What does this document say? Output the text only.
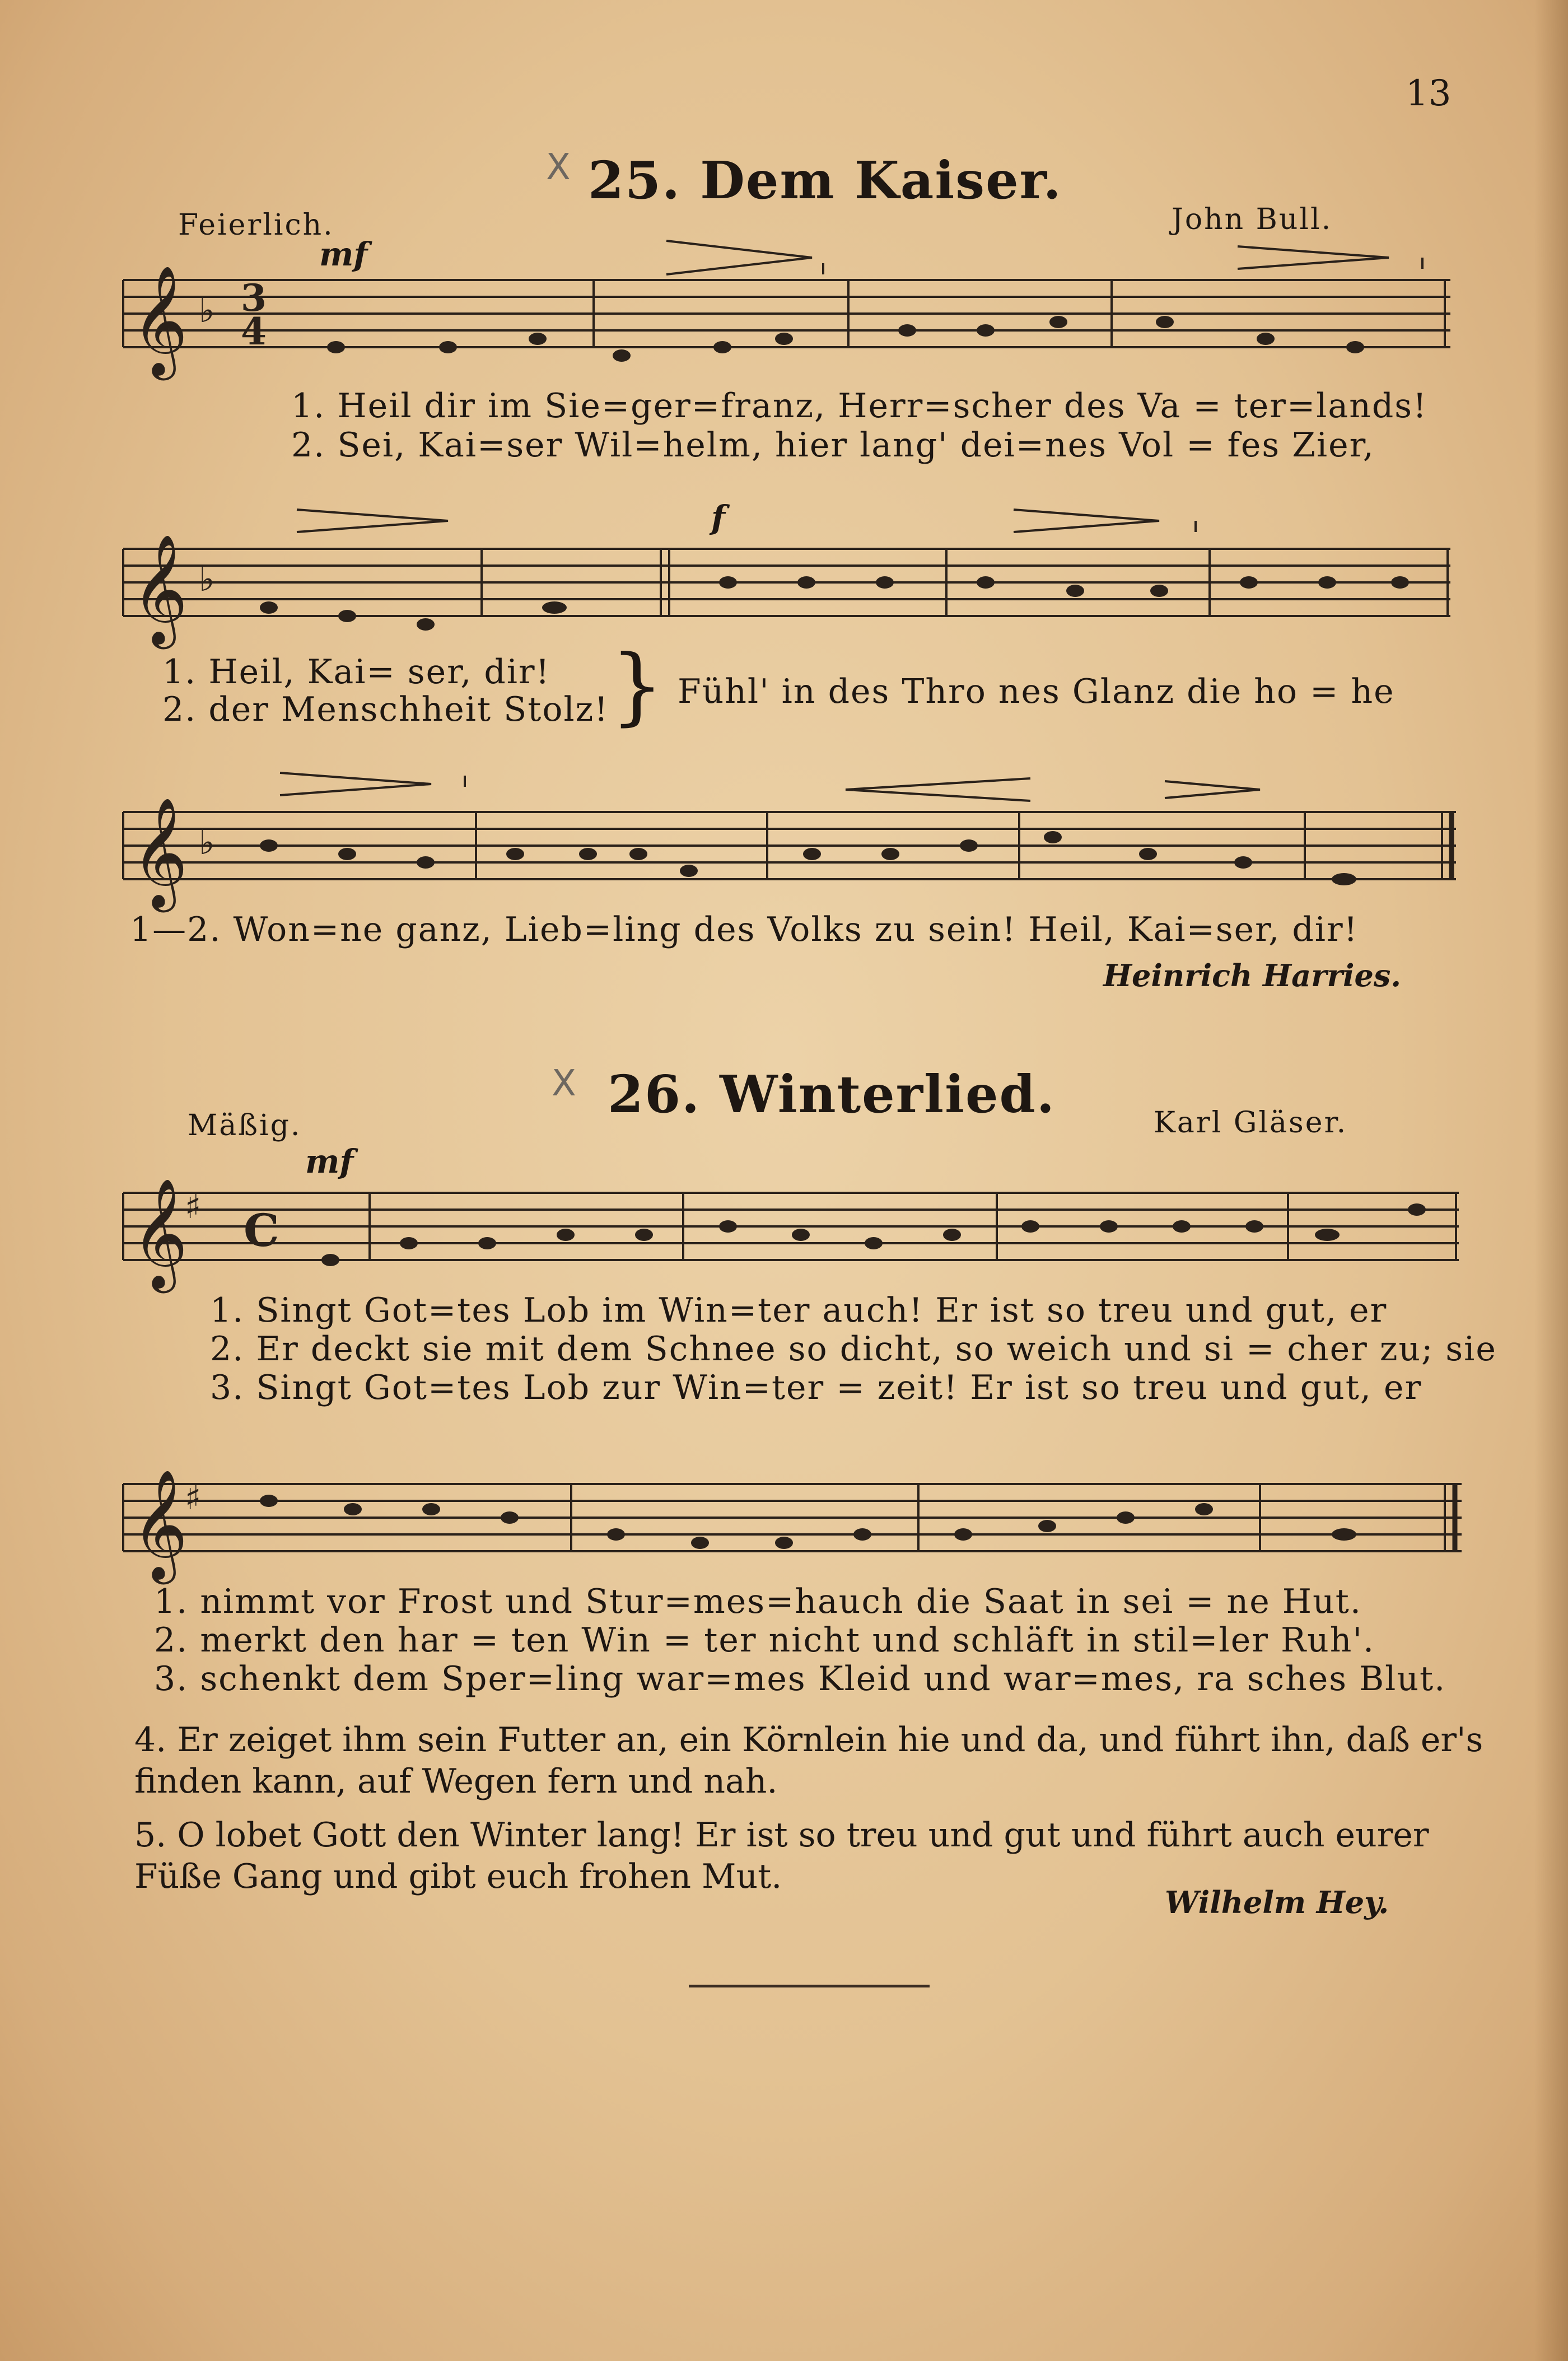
13
X 25. Dem Kaiser.
Feierlich.	John Bull.
mf
f
𝄞 ♭ 3
4
𝄞 ♭
𝄞 ♭
𝄞
♯ C
𝄞
♯
1. Heil dir im Sie=ger=franz, Herr=scher des Va = ter=lands!
2. Sei, Kai=ser Wil=helm, hier lang' dei=nes Vol = fes Zier,
1. Heil, Kai= ser, dir!
2. der Menschheit Stolz! } Fühl' in des Thro nes Glanz die ho = he
1—2. Won=ne ganz, Lieb=ling des Volks zu sein! Heil, Kai=ser, dir!
Heinrich Harries.
X 26. Winterlied.
Mäßig.	Karl Gläser.
mf
1. Singt Got=tes Lob im Win=ter auch! Er ist so treu und gut, er
2. Er deckt sie mit dem Schnee so dicht, so weich und si = cher zu; sie
3. Singt Got=tes Lob zur Win=ter = zeit! Er ist so treu und gut, er
1. nimmt vor Frost und Stur=mes=hauch die Saat in sei = ne Hut.
2. merkt den har = ten Win = ter nicht und schläft in stil=ler Ruh'.
3. schenkt dem Sper=ling war=mes Kleid und war=mes, ra sches Blut.
4. Er zeiget ihm sein Futter an, ein Körnlein hie und da, und führt ihn, daß er's finden kann, auf Wegen fern und nah.
5. O lobet Gott den Winter lang! Er ist so treu und gut und führt auch eurer Füße Gang und gibt euch frohen Mut.
Wilhelm Hey.
